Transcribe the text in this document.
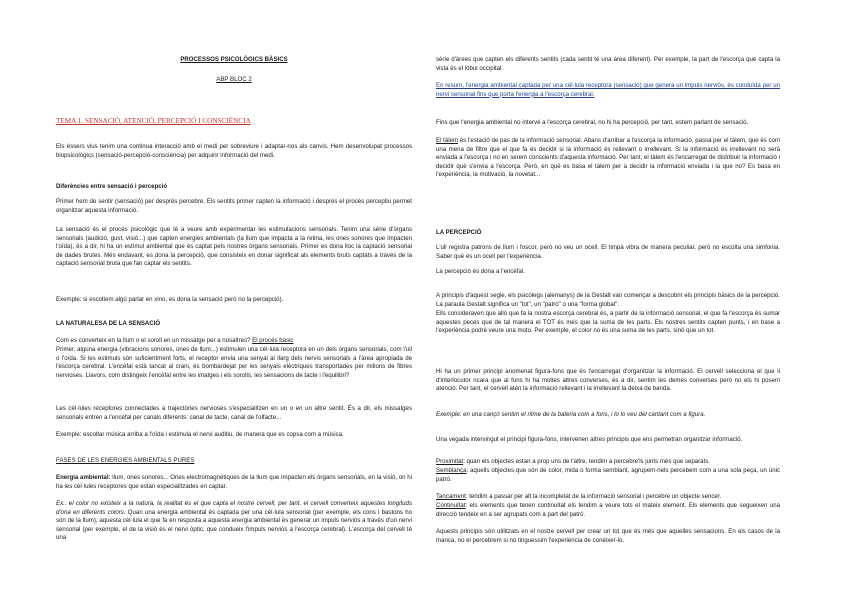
PROCESSOS PSICOLÒGICS BÀSICS
ABP BLOC 2
TEMA 1. SENSACIÓ, ATENCIÓ, PERCEPCIÓ I CONSCIÈNCIA

Els éssers vius tenim una continua interacció amb el medi per sobreviure i adaptar-nos als canvis. Hem desenvolupat processos biopsicològics (sensació-percepció-consciència) per adquirir informació del medi.

Diferències entre sensació i percepció

Primer hem de sentir (sensació) per després percebre. Els sentits primer capten la informació i després el procés perceptiu permet organitzar aquesta informació.

La sensació és el procés psicològic que té a veure amb experimentar les estimulacions sensorials. Tenim una sèrie d'òrgans sensorials (audició, gust, visió...) que capten energies ambientals (la llum que impacta a la retina, les ones sonores que impacten l'oïda), és a dir, hi ha un estímul ambiental que és captat pels nostres òrgans sensorials. Primer es dona lloc la captació sensorial de dades brutes. Més endavant, es dona la percepció, que consisteix en donar significat als elements bruts captats a través de la captació sensorial bruta que fan captar els sentits.

Exemple: si escoltem algú parlar en xino, es dona la sensació però no la percepció).

LA NATURALESA DE LA SENSACIÓ

Com es converteix en la llum o el soroll en un missatge per a nosaltres? El procés bàsic

Primer, alguna energia (vibracions sonores, ones de llum...) estimulen una cèl·lula receptora en un dels òrgans sensorials, com l'ull o l'oïda. Si les estimuls són suficientment forts, el receptor envia una senyal al llarg dels nervis sensorials a l'àrea apropiada de l'escorça cerebral. L'encèfal està tancat al crani, és bombardejat per les senyals elèctriques transportades per milions de fibres nervioses. Llavors, com distingeix l'encèfal entre les imatges i els sorolls, les sensacions de tacte i l'equilibri?

Les cèl·lules receptores connectades a trajectòries nervioses s'especialitzen en un o en un altre sentit. És a dir, els missatges sensorials entren a l'encèfal per canals diferents: canal de tacte, canal de l'olfacte...

Exemple: escoltar música arriba a l'oïda i estimula el nervi auditiu, de manera que es copsa com a música.

FASES DE LES ENERGIES AMBIENTALS PURES

Energia ambiental: llum, ones sonores... Ones electromagnètiques de la llum que impacten els òrgans sensorials, en la visió, on hi ha les cèl·lules receptores que estan especialitzades en captar.

Ex.: el color no existeix a la natura, la realitat és el que capta el nostre cervell, per tant, el cervell converteix aquestes longituds d'ona en diferents colors. Quan una energia ambiental és captada per una cèl·lula sensorial (per exemple, els cons i bastons ho són de la llum), aquesta cèl·lula el que fa en resposta a aquesta energia ambiental és generar un impuls nerviós a través d'un nervi sensorial (per exemple, el de la visió és el nervi òptic, que condueix l'impuls nerviós a l'escorça cerebral). L'escorça del cervell té una

sèrie d'àrees que capten els diferents sentits (cada sentit té una àrea diferent). Per exemple, la part de l'escorça que capta la vista és el lòbul occipital.

En resum, l'energia ambiental captada per una cèl·lula receptora (sensació) que genera un impuls nerviós, és conduïda per un nervi sensorial fins que porta l'energia a l'escorça cerebral.

Fins que l'energia ambiental no intervé a l'escorça cerebral, no hi ha percepció, per tant, estem parlant de sensació.

El tàlem és l'estació de pas de la informació sensorial. Abans d'arribar a l'escorça la informació, passa per el tàlem, que és com una mena de filtre que el que fa és decidir si la informació és rellevant o irrellevant. Si la informació és irrellevant no serà enviada a l'escorça i no en serem conscients d'aquesta informació. Per tant, el tàlem és l'encarregat de distribuir la informació i decidir què s'envia a l'escorça. Però, en què es basa el tàlem per a decidir la informació enviada i la que no? Es basa en l'experiència, la motivació, la novetat...

LA PERCEPCIÓ

L'ull registra patrons de llum i foscor, però no veu un ocell. El timpà vibra de manera peculiar, però no escolta una simfonia. Saber què és un ocell per l'experiència.

La percepció és dona a l'encèfal.

A principis d'aquest segle, els psicòlegs (alemanys) de la Gestalt van començar a descobrir els principis bàsics de la percepció. La paraula Gestalt significa un "tot", un "patró" o una "forma global".

Ells consideraven que allò que fa la nostra escorça cerebral és, a partir de la informació sensorial, el que fa l'escorça és sumar aquestes peces que de tal manera el TOT és més que la suma de les parts. Els nostres sentits capten punts, i en base a l'experiència podré veure una moto. Per exemple, el color no és una suma de les parts, sinó que un tot.

Hi ha un primer principi anomenat figura-fons que és l'encarregat d'organitzar la informació. El cervell selecciona el que li d'interlocutor ncara que al fons hi ha moltes altres converses, és a dir, sentim les demés converses però no els hi posem atenció. Per tant, el cervell atén la informació rellevant i la irrellevant la deixa de banda.

Exemple: en una cançó sentim el ritme de la bateria com a fons, i lo lo veu del cantant com a figura.

Una vegada intervingut el principi figura-fons, intervenen altres principis que ens permetran organitzar informació.

Proximitat: quan els objectes estan a prop uns de l'altre, tendim a percebre'ls junts més que separats.

Semblança: aquells objectes que són de color, mida o forma semblant, agrupem-nels percebem com a una sola peça, un únic patró.

Tancament: tendim a passar per alt la incompletat de la informació sensorial i percebre un objecte sencer.

Continuïtat: els elements que tenen continuïtat els tendim a veure tots el mateix element. Els elements que segueixen una direcció tendeix en a ser agrupats com a part del patró.

Aquests principis són utilitzats en el nostre cervell per crear un tot que és més que aquelles sensacions. En els casos de la manca, no el percebrem si no tinguessim l'experiència de conèixer-lo.
